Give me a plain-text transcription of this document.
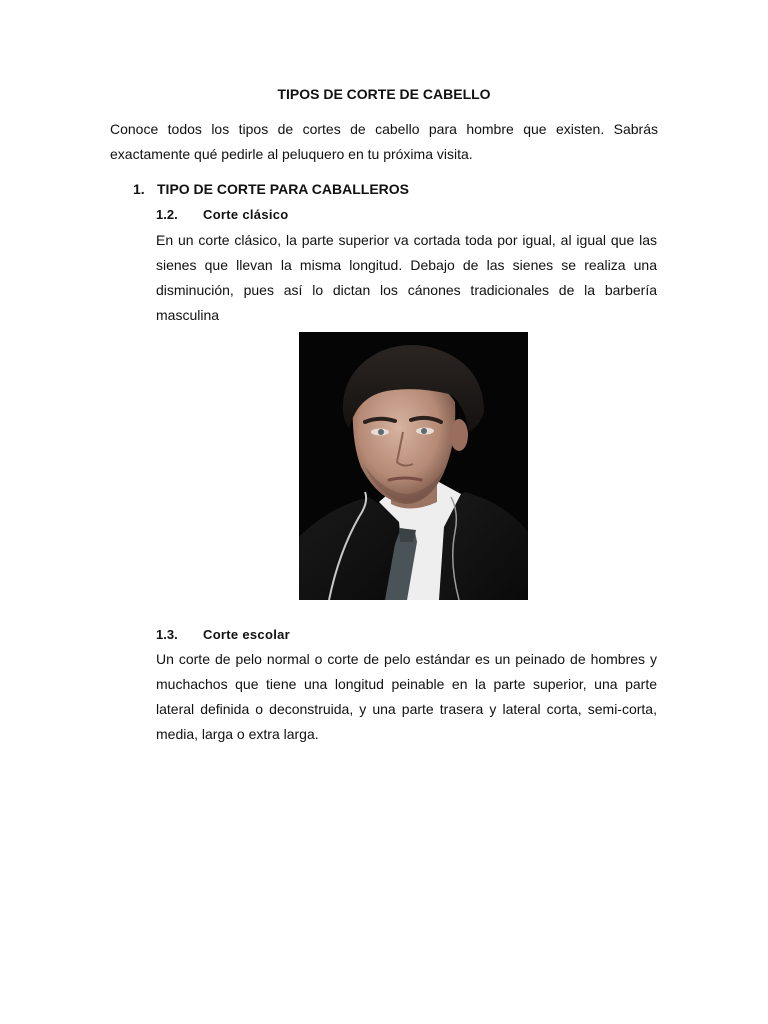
TIPOS DE CORTE DE CABELLO

Conoce todos los tipos de cortes de cabello para hombre que existen. Sabrás exactamente qué pedirle al peluquero en tu próxima visita.

1. TIPO DE CORTE PARA CABALLEROS
1.2. Corte clásico

En un corte clásico, la parte superior va cortada toda por igual, al igual que las sienes que llevan la misma longitud. Debajo de las sienes se realiza una disminución, pues así lo dictan los cánones tradicionales de la barbería masculina

1.3. Corte escolar

Un corte de pelo normal o corte de pelo estándar es un peinado de hombres y muchachos que tiene una longitud peinable en la parte superior, una parte lateral definida o deconstruida, y una parte trasera y lateral corta, semi-corta, media, larga o extra larga.
